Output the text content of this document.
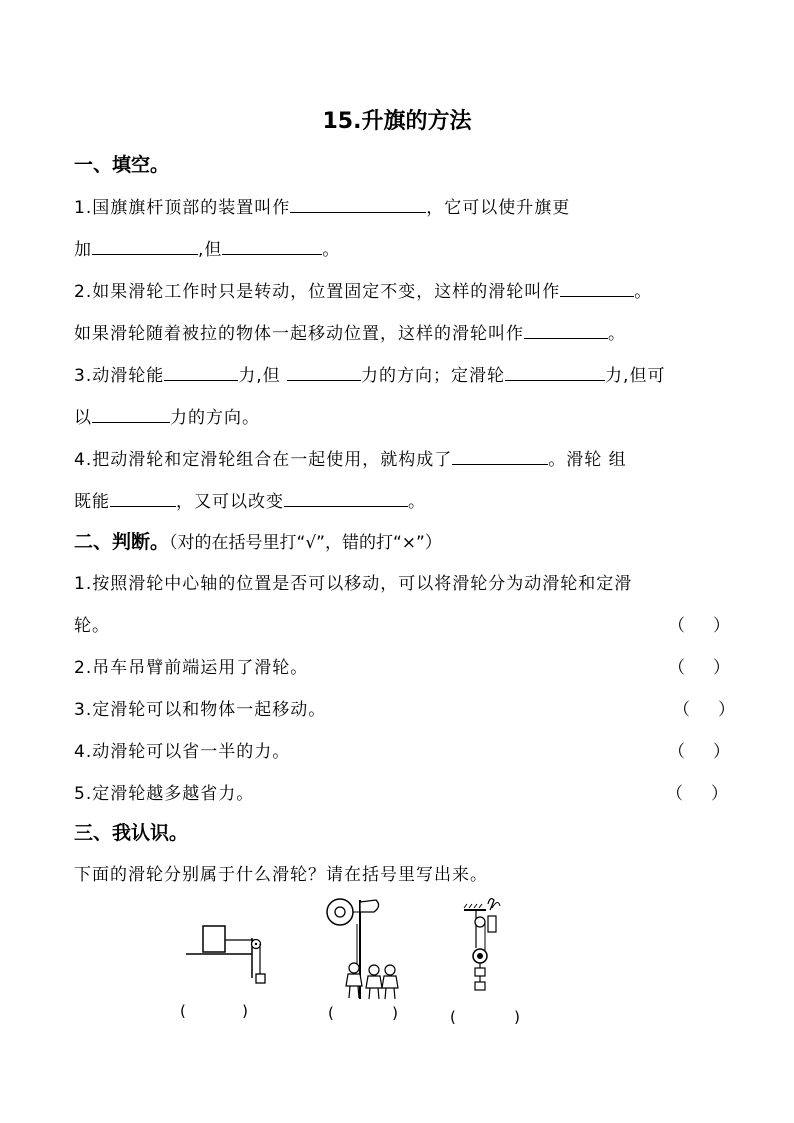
15.升旗的方法
一、填空。
1.国旗旗杆顶部的装置叫作	，它可以使升旗更
加	,但	。
2.如果滑轮工作时只是转动，位置固定不变，这样的滑轮叫作	。
如果滑轮随着被拉的物体一起移动位置，这样的滑轮叫作	。
3.动滑轮能	力,但	力的方向；定滑轮	力,但可
以	力的方向。
4.把动滑轮和定滑轮组合在一起使用，就构成了	。滑轮 组
既能	，又可以改变	。
二、判断。（对的在括号里打“√”，错的打“×”）
1.按照滑轮中心轴的位置是否可以移动，可以将滑轮分为动滑轮和定滑
轮。	（ ）
2.吊车吊臂前端运用了滑轮。	（ ）
3.定滑轮可以和物体一起移动。	（ ）
4.动滑轮可以省一半的力。	（ ）
5.定滑轮越多越省力。	（ ）
三、我认识。
下面的滑轮分别属于什么滑轮？请在括号里写出来。
(	)	(	)	(	)
